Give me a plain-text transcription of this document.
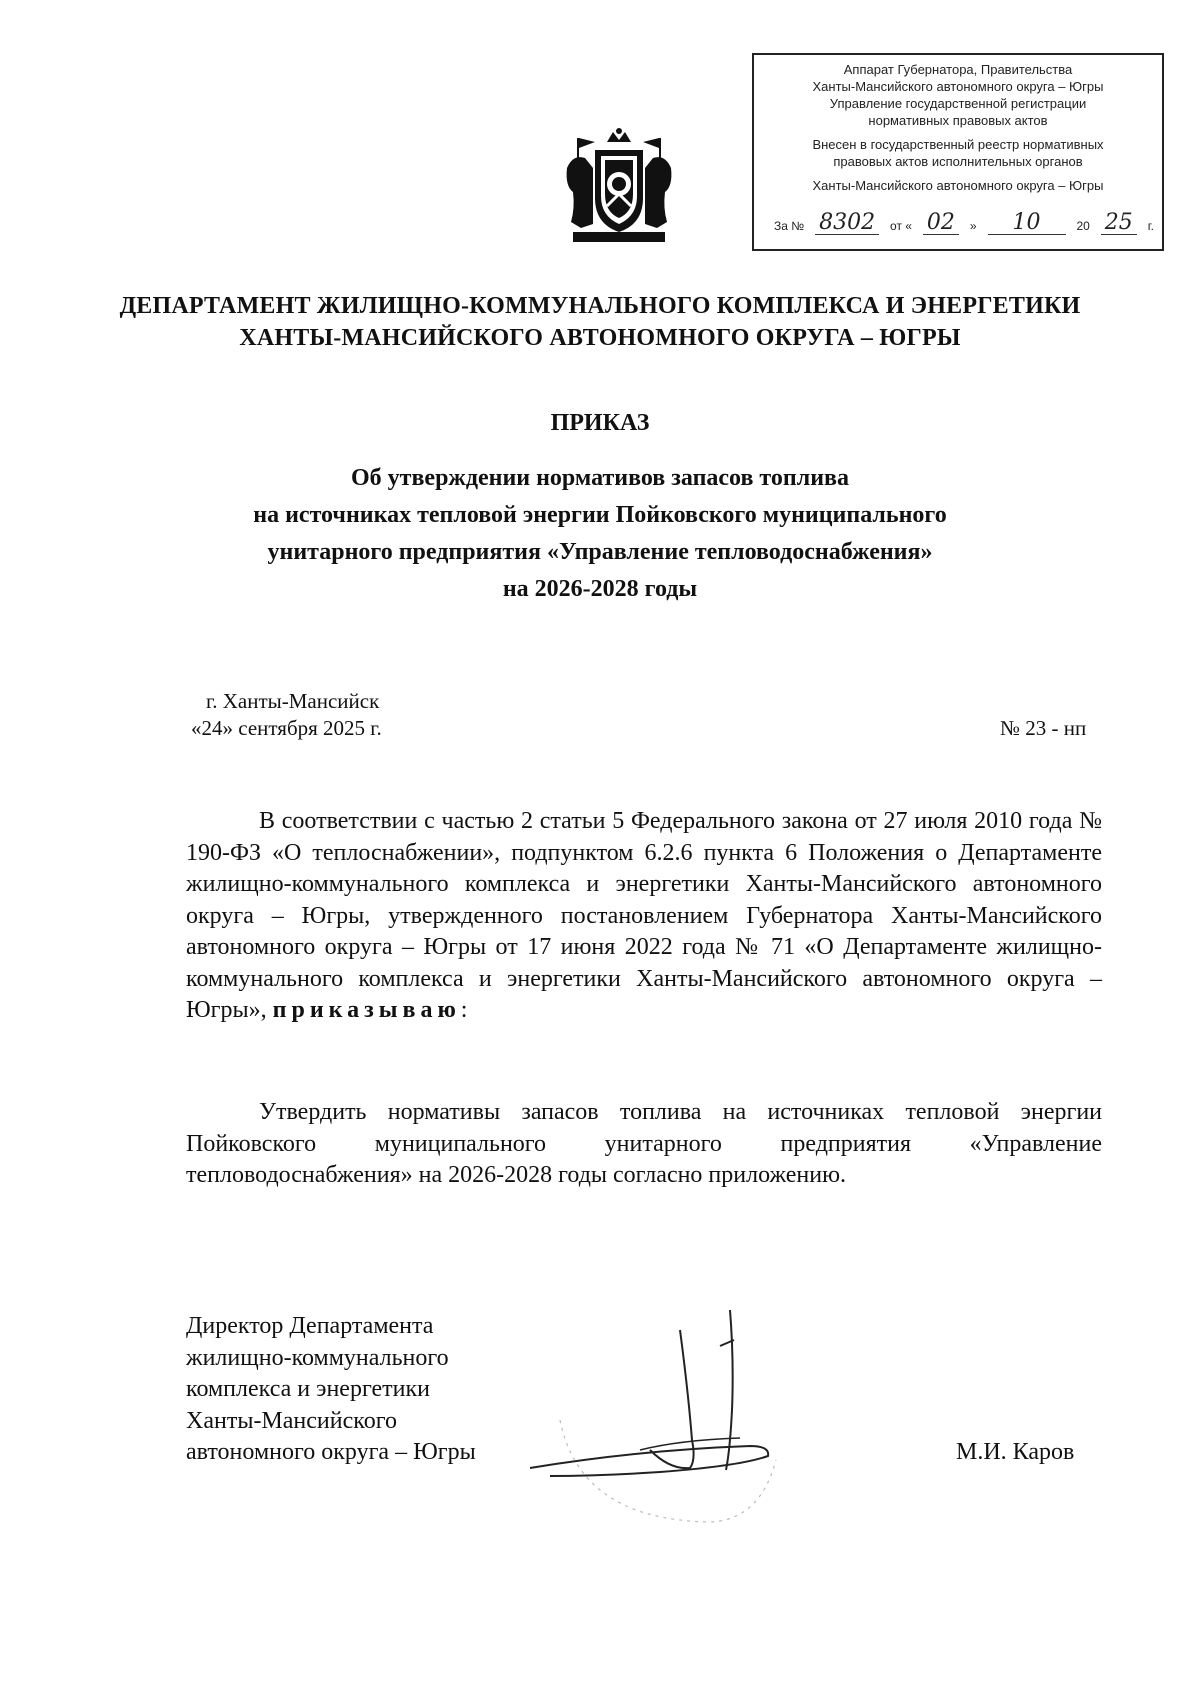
Аппарат Губернатора, Правительства
Ханты-Мансийского автономного округа – Югры
Управление государственной регистрации
нормативных правовых актов
Внесен в государственный реестр нормативных
правовых актов исполнительных органов
Ханты-Мансийского автономного округа – Югры
За № 8302	от « 02	»	10	20 25	г.
ДЕПАРТАМЕНТ ЖИЛИЩНО-КОММУНАЛЬНОГО КОМПЛЕКСА И ЭНЕРГЕТИКИ
ХАНТЫ-МАНСИЙСКОГО АВТОНОМНОГО ОКРУГА – ЮГРЫ
ПРИКАЗ
Об утверждении нормативов запасов топлива
на источниках тепловой энергии Пойковского муниципального
унитарного предприятия «Управление тепловодоснабжения»
на 2026-2028 годы
г. Ханты-Мансийск
«24» сентября 2025 г.	№ 23 - нп
В соответствии с частью 2 статьи 5 Федерального закона от 27 июля 2010 года № 190-ФЗ «О теплоснабжении», подпунктом 6.2.6 пункта 6 Положения о Департаменте жилищно-коммунального комплекса и энергетики Ханты-Мансийского автономного округа – Югры, утвержденного постановлением Губернатора Ханты-Мансийского автономного округа – Югры от 17 июня 2022 года № 71 «О Департаменте жилищно-коммунального комплекса и энергетики Ханты-Мансийского автономного округа – Югры», приказываю:
Утвердить нормативы запасов топлива на источниках тепловой энергии Пойковского муниципального унитарного предприятия «Управление тепловодоснабжения» на 2026-2028 годы согласно приложению.
Директор Департамента
жилищно-коммунального
комплекса и энергетики
Ханты-Мансийского
автономного округа – Югры	М.И. Каров
